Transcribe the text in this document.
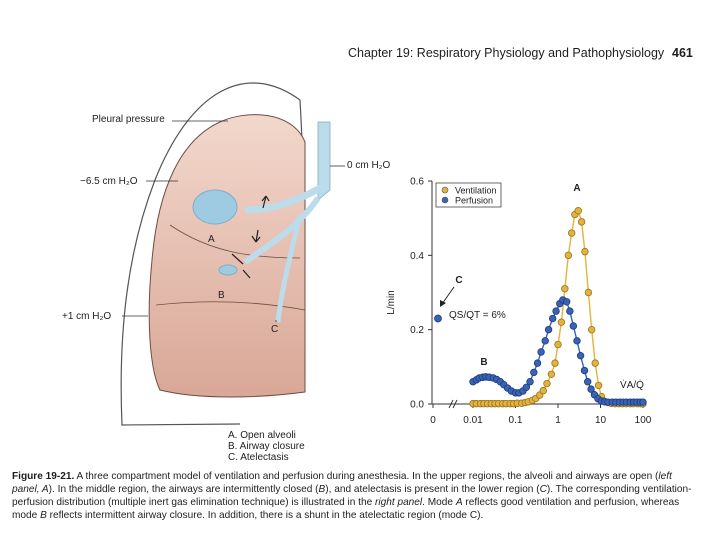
Chapter 19: Respiratory Physiology and Pathophysiology 461
Pleural pressure
−6.5 cm H₂O
+1 cm H₂O
0 cm H₂O
A
B
C
A. Open alveoli
B. Airway closure
C. Atelectasis
0.0
0.2
0.4
0.6
0	0.01	0.1	1	10	100
L/min
V̇A/Q̇
Ventilation
Perfusion
A
B
C
QS/QT = 6%
Figure 19-21. A three compartment model of ventilation and perfusion during anesthesia. In the upper regions, the alveoli and airways are open (left panel, A). In the middle region, the airways are intermittently closed (B), and atelectasis is present in the lower region (C). The corresponding ventilation-perfusion distribution (multiple inert gas elimination technique) is illustrated in the right panel. Mode A reflects good ventilation and perfusion, whereas mode B reflects intermittent airway closure. In addition, there is a shunt in the atelectatic region (mode C).
